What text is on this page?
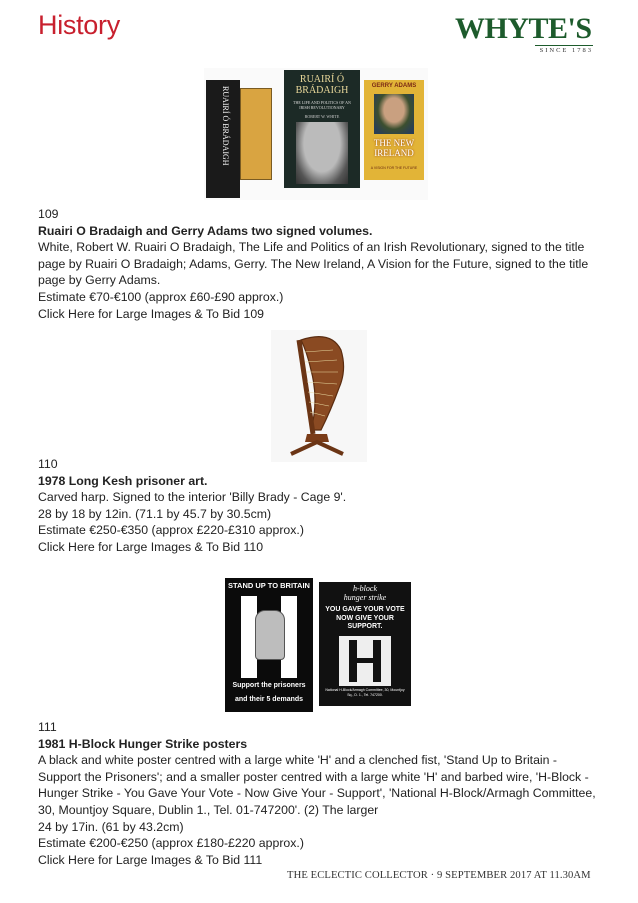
History	WHYTE'S
SINCE 1783
RUAIRÍ Ó BRÁDAIGH
RUAIRÍ Ó BRÁDAIGH
THE LIFE AND POLITICS OF AN IRISH REVOLUTIONARY
ROBERT W. WHITE
GERRY ADAMS
THE NEW IRELAND
A VISION FOR THE FUTURE
109
Ruairi O Bradaigh and Gerry Adams two signed volumes.
White, Robert W. Ruairi O Bradaigh, The Life and Politics of an Irish Revolutionary, signed to the title page by Ruairi O Bradaigh; Adams, Gerry. The New Ireland, A Vision for the Future, signed to the title page by Gerry Adams.
Estimate €70-€100 (approx £60-£90 approx.)
Click Here for Large Images & To Bid 109
110
1978 Long Kesh prisoner art.
Carved harp. Signed to the interior 'Billy Brady - Cage 9'.
28 by 18 by 12in. (71.1 by 45.7 by 30.5cm)
Estimate €250-€350 (approx £220-£310 approx.)
Click Here for Large Images & To Bid 110
STAND UP TO BRITAIN
Support the prisoners
and their 5 demands
h-block
hunger strike
YOU GAVE YOUR VOTE NOW GIVE YOUR SUPPORT.
National H-Block/Armagh Committee, 30, Mountjoy Sq., D. 1., Tel. 747200.
111
1981 H-Block Hunger Strike posters
A black and white poster centred with a large white 'H' and a clenched fist, 'Stand Up to Britain - Support the Prisoners'; and a smaller poster centred with a large white 'H' and barbed wire, 'H-Block - Hunger Strike - You Gave Your Vote - Now Give Your - Support', 'National H-Block/Armagh Committee, 30, Mountjoy Square, Dublin 1., Tel. 01-747200'. (2) The larger
24 by 17in. (61 by 43.2cm)
Estimate €200-€250 (approx £180-£220 approx.)
Click Here for Large Images & To Bid 111
THE ECLECTIC COLLECTOR · 9 SEPTEMBER 2017 AT 11.30AM
